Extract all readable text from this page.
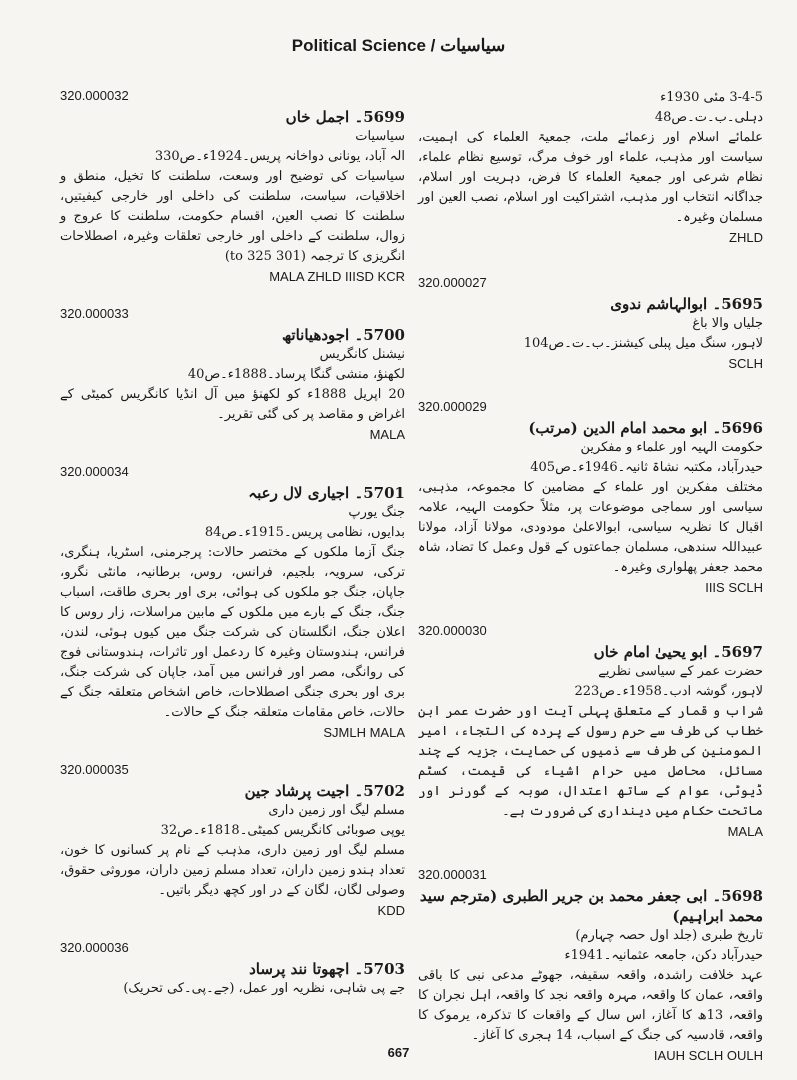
Political Science / سیاسیات
320.000032
5699۔ اجمل خاں
سیاسیات
الہ آباد، یونانی دواخانہ پریس۔1924ء۔ص330
سیاسیات کی توضیح اور وسعت، سلطنت کا تخیل، منطق و اخلاقیات، سیاست، سلطنت کی داخلی اور خارجی کیفیتیں، سلطنت کا نصب العین، اقسام حکومت، سلطنت کا عروج و زوال، سلطنت کے داخلی اور خارجی تعلقات وغیرہ، اصطلاحات انگریزی کا ترجمہ (301 to 325)
MALA ZHLD IIISD KCR
320.000033
5700۔ اجودھیاناتھ
نیشنل کانگریس
لکھنؤ، منشی گنگا پرساد۔1888ء۔ص40
20 اپریل 1888ء کو لکھنؤ میں آل انڈیا کانگریس کمیٹی کے اغراض و مقاصد پر کی گئی تقریر۔
MALA
320.000034
5701۔ اجیاری لال رعبہ
جنگ یورپ
بدایوں، نظامی پریس۔1915ء۔ص84
جنگ آزما ملکوں کے مختصر حالات: پرجرمنی، اسٹریا، ہنگری، ترکی، سرویہ، بلجیم، فرانس، روس، برطانیہ، مانٹی نگرو، جاپان، جنگ جو ملکوں کی ہوائی، بری اور بحری طاقت، اسباب جنگ، جنگ کے بارے میں ملکوں کے مابین مراسلات، زار روس کا اعلان جنگ، انگلستان کی شرکت جنگ میں کیوں ہوئی، لندن، فرانس، ہندوستان وغیرہ کا ردعمل اور تاثرات، ہندوستانی فوج کی روانگی، مصر اور فرانس میں آمد، جاپان کی شرکت جنگ، بری اور بحری جنگی اصطلاحات، خاص اشخاص متعلقہ جنگ کے حالات، خاص مقامات متعلقہ جنگ کے حالات۔
SJMLH MALA
320.000035
5702۔ اجیت پرشاد جین
مسلم لیگ اور زمین داری
یوپی صوبائی کانگریس کمیٹی۔1818ء۔ص32
مسلم لیگ اور زمین داری، مذہب کے نام پر کسانوں کا خون، تعداد ہندو زمین داران، تعداد مسلم زمین داران، موروثی حقوق، وصولی لگان، لگان کے در اور کچھ دیگر باتیں۔
KDD
320.000036
5703۔ اچھوتا نند پرساد
جے پی شاہی، نظریہ اور عمل، (جے۔پی۔کی تحریک)
3-4-5 مئی 1930ء
دہلی۔ب۔ت۔ص48
علمائے اسلام اور زعمائے ملت، جمعیۃ العلماء کی اہمیت، سیاست اور مذہب، علماء اور خوف مرگ، توسیع نظام علماء، نظام شرعی اور جمعیۃ العلماء کا فرض، دہریت اور اسلام، جداگانہ انتخاب اور مذہب، اشتراکیت اور اسلام، نصب العین اور مسلمان وغیرہ۔
ZHLD
320.000027
5695۔ ابوالہاشم ندوی
جلیاں والا باغ
لاہور، سنگ میل پبلی کیشنز۔ب۔ت۔ص104
SCLH
320.000029
5696۔ ابو محمد امام الدین (مرتب)
حکومت الہیہ اور علماء و مفکرین
حیدرآباد، مکتبہ نشاۃ ثانیہ۔1946ء۔ص405
مختلف مفکرین اور علماء کے مضامین کا مجموعہ، مذہبی، سیاسی اور سماجی موضوعات پر، مثلاً حکومت الہیہ، علامہ اقبال کا نظریہ سیاسی، ابوالاعلیٰ مودودی، مولانا آزاد، مولانا عبیداللہ سندھی، مسلمان جماعتوں کے قول وعمل کا تضاد، شاہ محمد جعفر پھلواری وغیرہ۔
IIIS SCLH
320.000030
5697۔ ابو یحییٰ امام خاں
حضرت عمر کے سیاسی نظریے
لاہور، گوشہ ادب۔1958ء۔ص223
شراب و قمار کے متعلق پہلی آیت اور حضرت عمر ابن خطاب کی طرف سے حرم رسول کے پردہ کی التجاء، امیر المومنین کی طرف سے ذمیوں کی حمایت، جزیہ کے چند مسائل، محاصل میں حرام اشیاء کی قیمت، کسٹم ڈیوٹی، عوام کے ساتھ اعتدال، صوبہ کے گورنر اور ماتحت حکام میں دینداری کی ضرورت ہے۔
MALA
320.000031
5698۔ ابی جعفر محمد بن جریر الطبری (مترجم سید محمد ابراہیم)
تاریخ طبری (جلد اول حصہ چہارم)
حیدرآباد دکن، جامعہ عثمانیہ۔1941ء
عہد خلافت راشدہ، واقعہ سقیفہ، جھوٹے مدعی نبی کا باقی واقعہ، عمان کا واقعہ، مہرہ واقعہ نجد کا واقعہ، اہل نجران کا واقعہ، 13ھ کا آغاز، اس سال کے واقعات کا تذکرہ، یرموک کا واقعہ، قادسیہ کی جنگ کے اسباب، 14 ہجری کا آغاز۔
IAUH SCLH OULH
667
